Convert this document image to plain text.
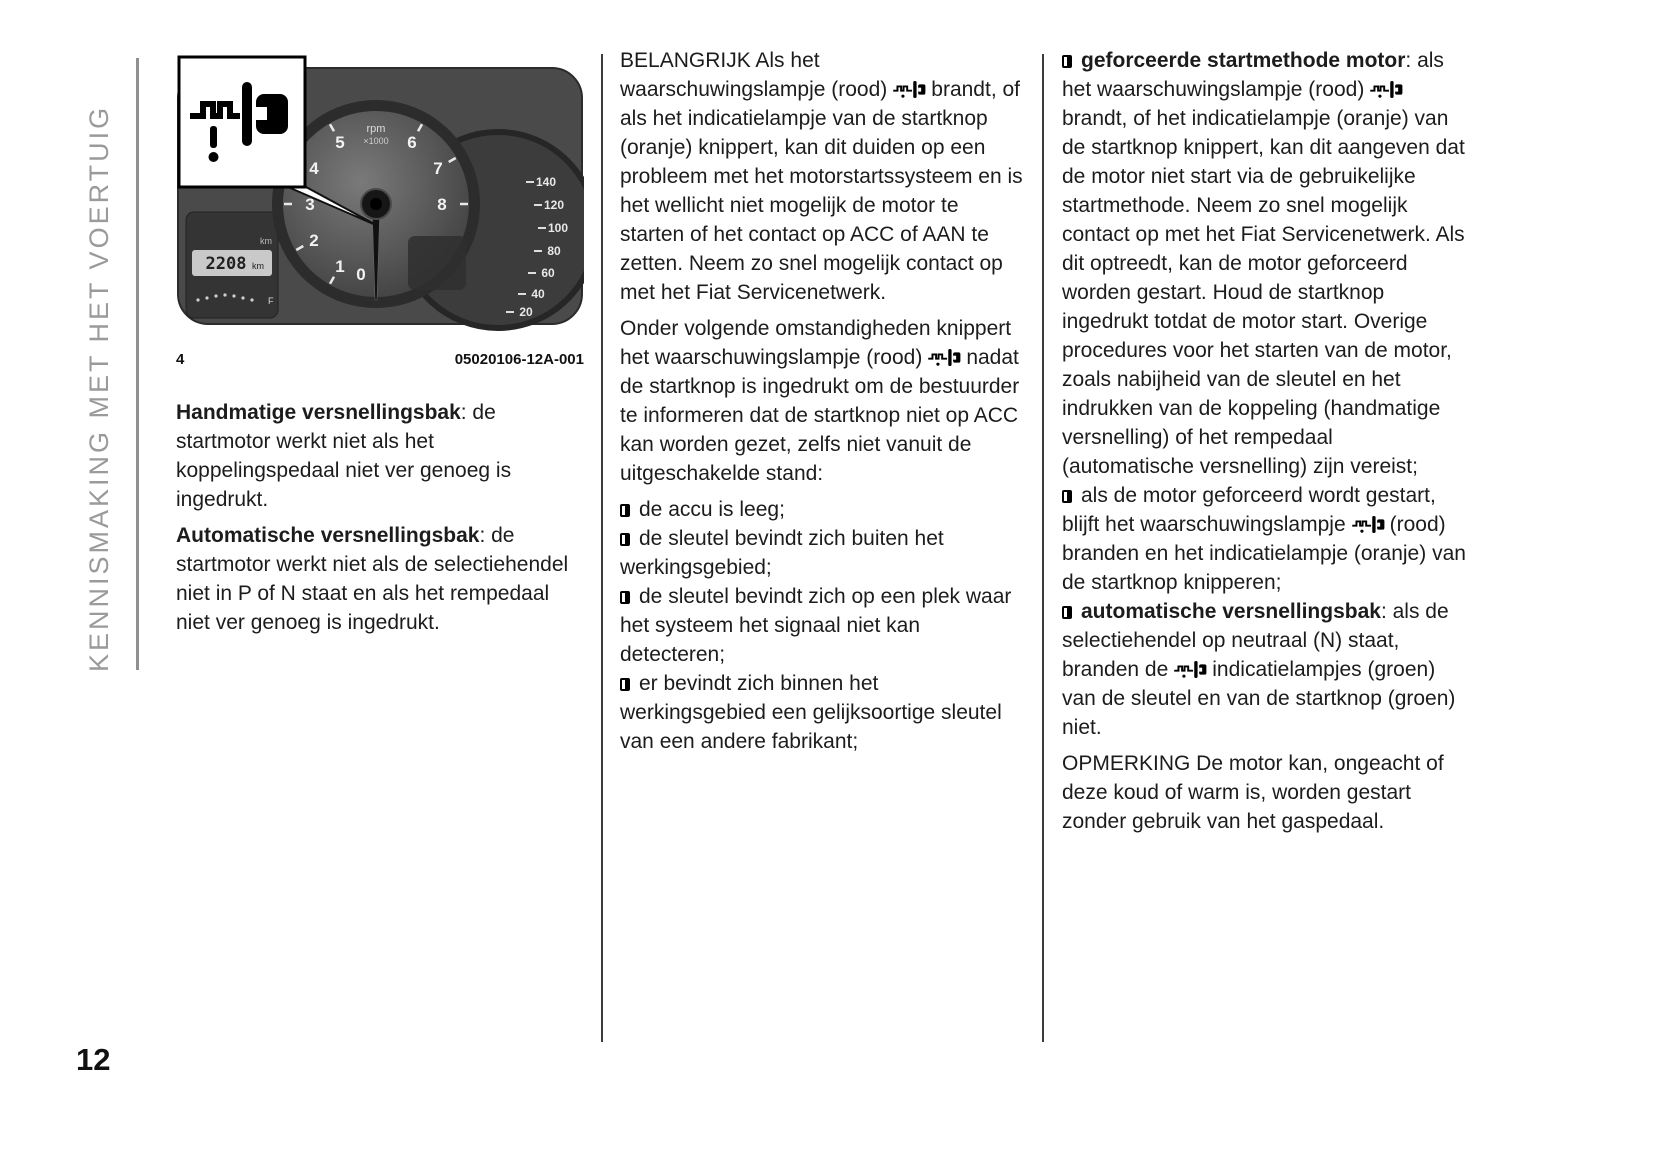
KENNISMAKING MET HET VOERTUIG
12
140
120
100
80
60
40
20
km
2208 km
F
0
1
2
3
4
5	6
7
8
rpm
×1000
4	05020106-12A-001

Handmatige versnellingsbak: de startmotor werkt niet als het koppelingspedaal niet ver genoeg is ingedrukt.

Automatische versnellingsbak: de startmotor werkt niet als de selectiehendel niet in P of N staat en als het rempedaal niet ver genoeg is ingedrukt.

BELANGRIJK Als het waarschuwingslampje (rood) brandt, of als het indicatielampje van de startknop (oranje) knippert, kan dit duiden op een probleem met het motorstartssysteem en is het wellicht niet mogelijk de motor te starten of het contact op ACC of AAN te zetten. Neem zo snel mogelijk contact op met het Fiat Servicenetwerk.

Onder volgende omstandigheden knippert het waarschuwingslampje (rood) nadat de startknop is ingedrukt om de bestuurder te informeren dat de startknop niet op ACC kan worden gezet, zelfs niet vanuit de uitgeschakelde stand:

de accu is leeg;

de sleutel bevindt zich buiten het werkingsgebied;

de sleutel bevindt zich op een plek waar het systeem het signaal niet kan detecteren;

er bevindt zich binnen het werkingsgebied een gelijksoortige sleutel van een andere fabrikant;

geforceerde startmethode motor: als het waarschuwingslampje (rood)
brandt, of het indicatielampje (oranje) van de startknop knippert, kan dit aangeven dat de motor niet start via de gebruikelijke startmethode. Neem zo snel mogelijk contact op met het Fiat Servicenetwerk. Als dit optreedt, kan de motor geforceerd worden gestart. Houd de startknop ingedrukt totdat de motor start. Overige procedures voor het starten van de motor, zoals nabijheid van de sleutel en het indrukken van de koppeling (handmatige versnelling) of het rempedaal (automatische versnelling) zijn vereist;

als de motor geforceerd wordt gestart, blijft het waarschuwingslampje (rood) branden en het indicatielampje (oranje) van de startknop knipperen;

automatische versnellingsbak: als de selectiehendel op neutraal (N) staat, branden de indicatielampjes (groen) van de sleutel en van de startknop (groen) niet.

OPMERKING De motor kan, ongeacht of deze koud of warm is, worden gestart zonder gebruik van het gaspedaal.
